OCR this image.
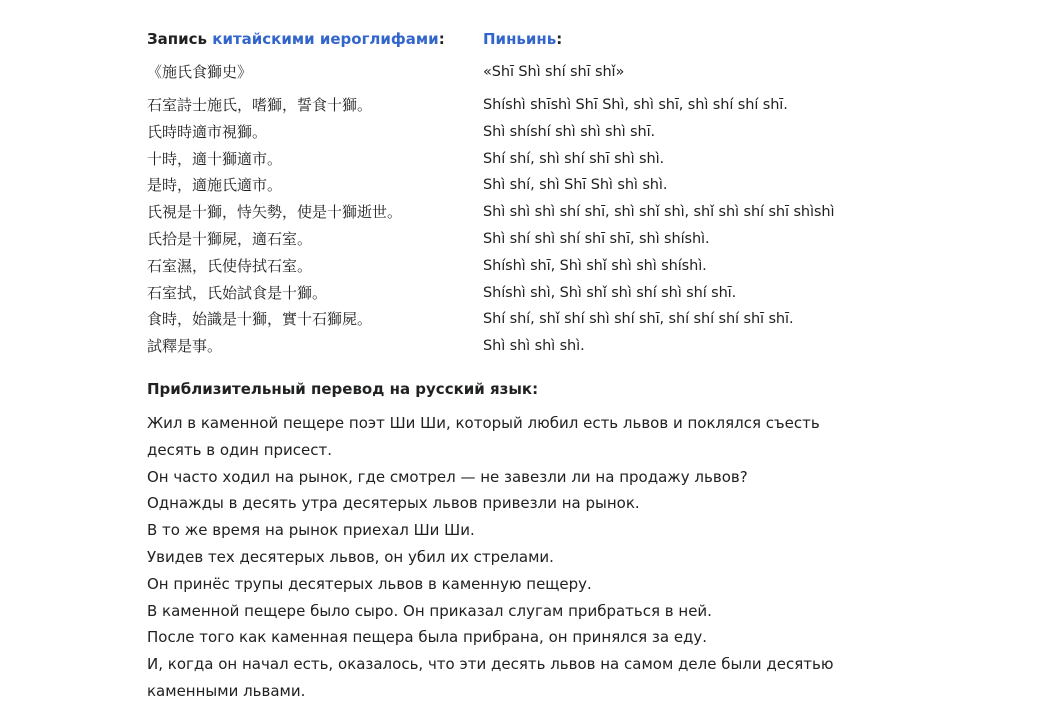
Запись китайскими иероглифами:
《施氏食獅史》
石室詩士施氏，嗜獅，誓食十獅。
氏時時適市視獅。
十時，適十獅適市。
是時，適施氏適市。
氏視是十獅，恃矢勢，使是十獅逝世。
氏拾是十獅屍，適石室。
石室濕，氏使侍拭石室。
石室拭，氏始試食是十獅。
食時，始識是十獅，實十石獅屍。
試釋是事。
Пиньинь:
«Shī Shì shí shī shǐ»
Shíshì shīshì Shī Shì, shì shī, shì shí shí shī.
Shì shíshí shì shì shì shī.
Shí shí, shì shí shī shì shì.
Shì shí, shì Shī Shì shì shì.
Shì shì shì shí shī, shì shǐ shì, shǐ shì shí shī shìshì
Shì shí shì shí shī shī, shì shíshì.
Shíshì shī, Shì shǐ shì shì shíshì.
Shíshì shì, Shì shǐ shì shí shì shí shī.
Shí shí, shǐ shí shì shí shī, shí shí shí shī shī.
Shì shì shì shì.
Приблизительный перевод на русский язык:
Жил в каменной пещере поэт Ши Ши, который любил есть львов и поклялся съесть
десять в один присест.
Он часто ходил на рынок, где смотрел — не завезли ли на продажу львов?
Однажды в десять утра десятерых львов привезли на рынок.
В то же время на рынок приехал Ши Ши.
Увидев тех десятерых львов, он убил их стрелами.
Он принёс трупы десятерых львов в каменную пещеру.
В каменной пещере было сыро. Он приказал слугам прибраться в ней.
После того как каменная пещера была прибрана, он принялся за еду.
И, когда он начал есть, оказалось, что эти десять львов на самом деле были десятью
каменными львами.
